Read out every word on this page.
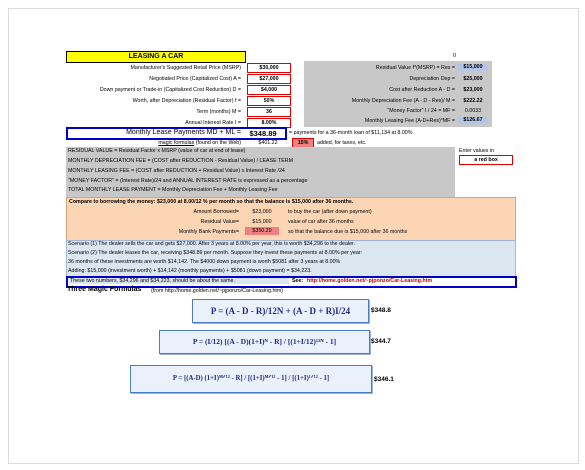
0
LEASING A CAR
Manufacturer's Suggested Retail Price (MSRP)	$30,000
Negotiated Price (Capitalized Cost) A =	$27,000
Down payment or Trade-in (Capitalized Cost Reduction) D =	$4,000
Worth, after Depreciation (Residual Factor) f =	50%
Term (months) M =	36
Annual Interest Rate I =	8.00%
Residual Value f*(MSRP) = Res =	$15,000
Depreciation Dep =	$25,000
Cost after Reduction A - D =	$23,000
Monthly Depreciation Fee (A - D - Res)/ M =	$222.22
"Money Factor" I / 24 = MF =	0.0033
Monthly Leasing Fee (A-D+Res)*MF =	$126.67
Monthly Lease Payments MD + ML =	$348.89	= payments for a 36-month loan of $11,134 at 8.00%
magic formulas (found on the Web)	$401.22	15%	added, for taxes, etc.
Enter values in
a red box
RESIDUAL VALUE = Residual Factor x MSRP (value of car at end of lease)
MONTHLY DEPRECIATION FEE = (COST after REDUCTION - Residual Value) / LEASE TERM
MONTHLY LEASING FEE = (COST after REDUCTION + Residual Value) x Interest Rate /24
"MONEY FACTOR" = (Interest Rate)/24 and ANNUAL INTEREST RATE is expressed as a percentage
TOTAL MONTHLY LEASE PAYMENT = Monthly Depreciation Fee + Monthly Leasing Fee
Compare to borrowing the money: $23,000 at 8.00/12 % per month so that the balance is $15,000 after 36 months.
Amount Borrowed=	$23,000	to buy the car (after down payment)
Residual Value=	$15,000	value of car after 36 months
Monthly Bank Payments=	$350.29	so that the balance due is $15,000 after 36 months
Scenario (1) The dealer sells the car and gets $27,000. After 3 years at 8.00% per year, this is worth $34,296 to the dealer.
Scenario (2) The dealer leases the car, receiving $348.89 per month. Suppose they invest these payments at 8.00% per year:
36 months of these investments are worth $14,142. The $4000 down payment is worth $5081 after 3 years at 8.00%
Adding: $15,000 (investment worth) + $14,142 (monthly payments) + $5081 (down payment) = $34,223.
These two numbers, $34,296 and $34,223, should be about the same.	See: http://home.golden.net/~pjponzo/Car-Leasing.htm
Three Magic Formulas (from http://home.golden.net/~pjponzo/Car-Leasing.htm)
P = (A - D - R)/12N + (A - D + R)I/24	$348.8
P = (I/12) [(A - D)(1+I)ᴺ - R] / [(1+I/12)¹²ᴺ - 1]	$344.7
P = [(A-D) (1+I)ᴹᐟ¹² - R] / [(1+I)ᴹᐟ¹² - 1] / [(1+I)¹ᐟ¹² - 1]	$346.1
